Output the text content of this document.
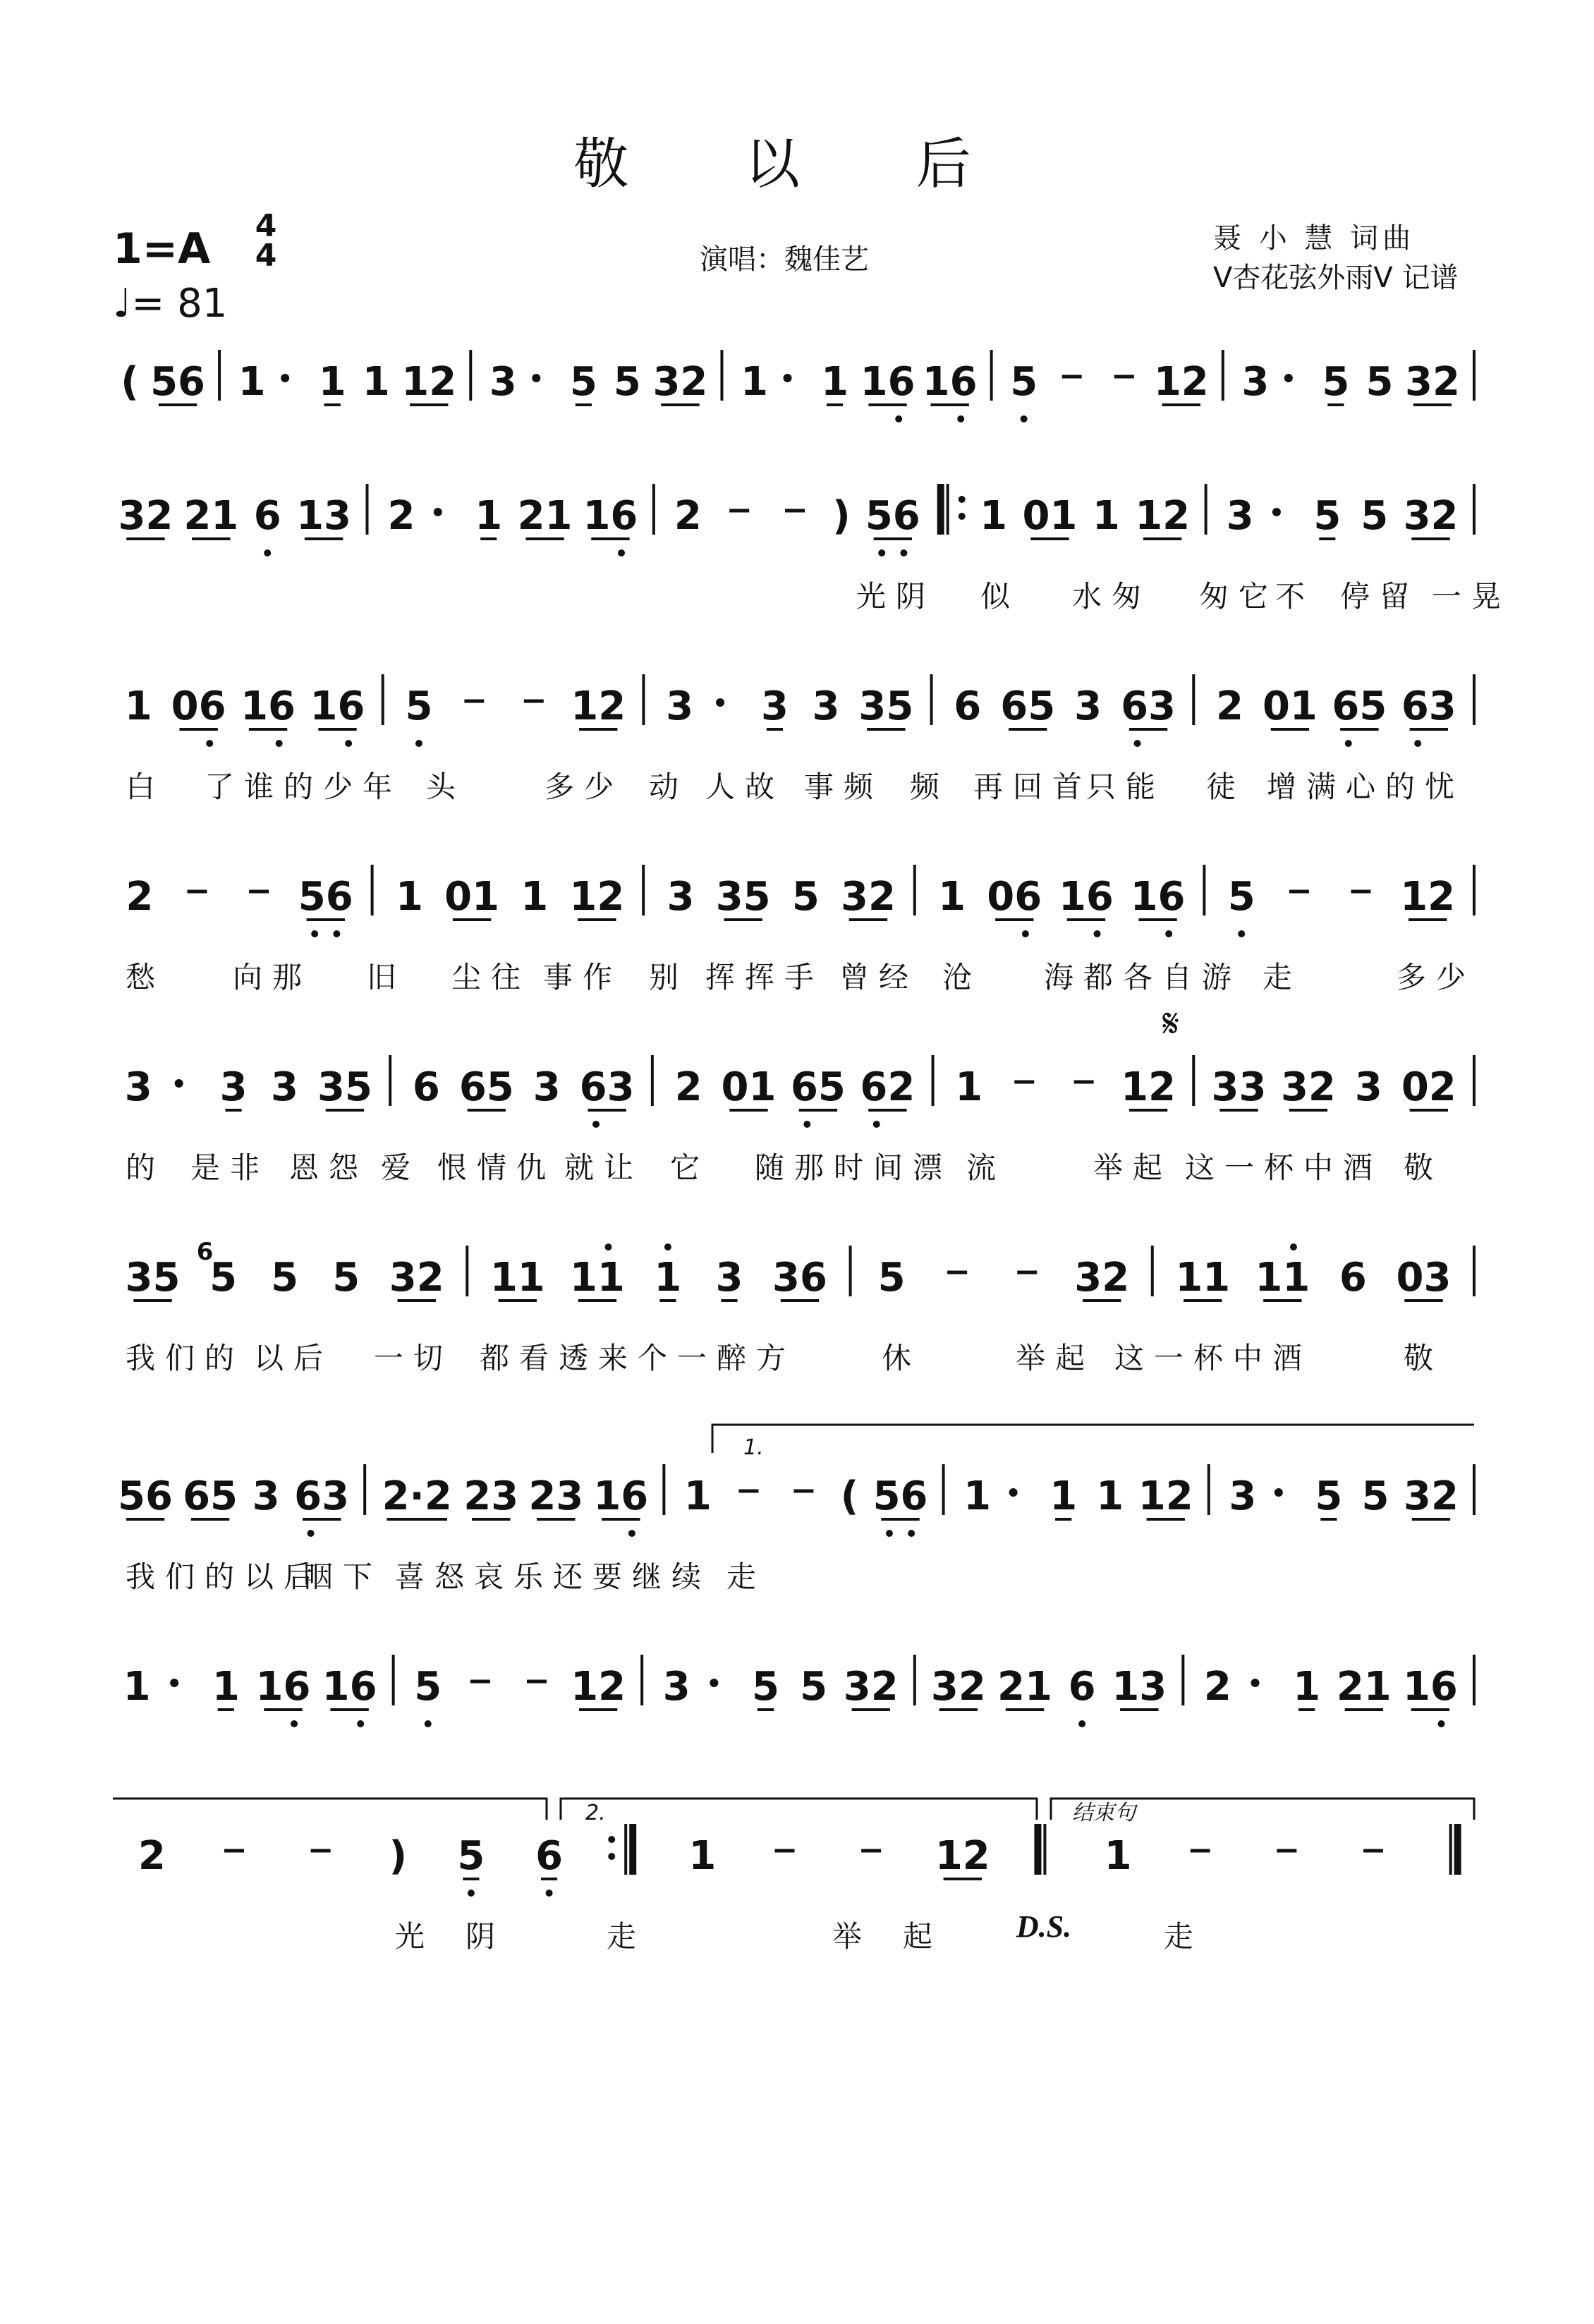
敬 以 后
1=A 4
4
♩= 81
演唱：魏佳艺
聂 小 慧 词曲
V杏花弦外雨V 记谱
( 56 1 1 1 12 3 5 5 32 1 1 16 16 5	12 3 5 5 32
32 21 6 13 2 1 21 16 2	) 56 1 01 1 12 3 5 5 32
光阴 似 水匆 匆它
不 停留 一晃
1 06 16 16 5	12 3 3 3 35 6 65 3 63 2 01 65 63
白 了谁的少年 头	多少 动 人故 事频 频 再回首
只能 徒 增满心的忧
2	56 1 01 1 12 3 35 5 32 1 06 16 16 5	12
愁 向那 旧 尘往 事作 别 挥挥手 曾经 沧 海都各自游 走	多少
3 3 3 35 6 65 3 63 2 01 65 62 1	12 33 32 3 02
的 是非 恩怨 爱 恨情仇 就让 它 随那时间漂 流	举起 这一杯中酒 敬
35 5
6
5 5 32 11 11 1 3 36 5	32 11 11 6 03
我们 的 以后 一切 都看透来个一醉方	休	举起 这一杯中酒	敬
56 65 3 63 2·2 23 23 16 1	( 56 1 1 1 12 3 5 5 32
我们的以后
咽下 喜怒哀乐还要继续 走
1 1 16 16 5	12 3 5 5 32 32 21 6 13 2 1 21 16
2	) 5 6	1	12	1
光 阴	走	举 起	走
𝄋
1.
2.	结束句
D.S.
